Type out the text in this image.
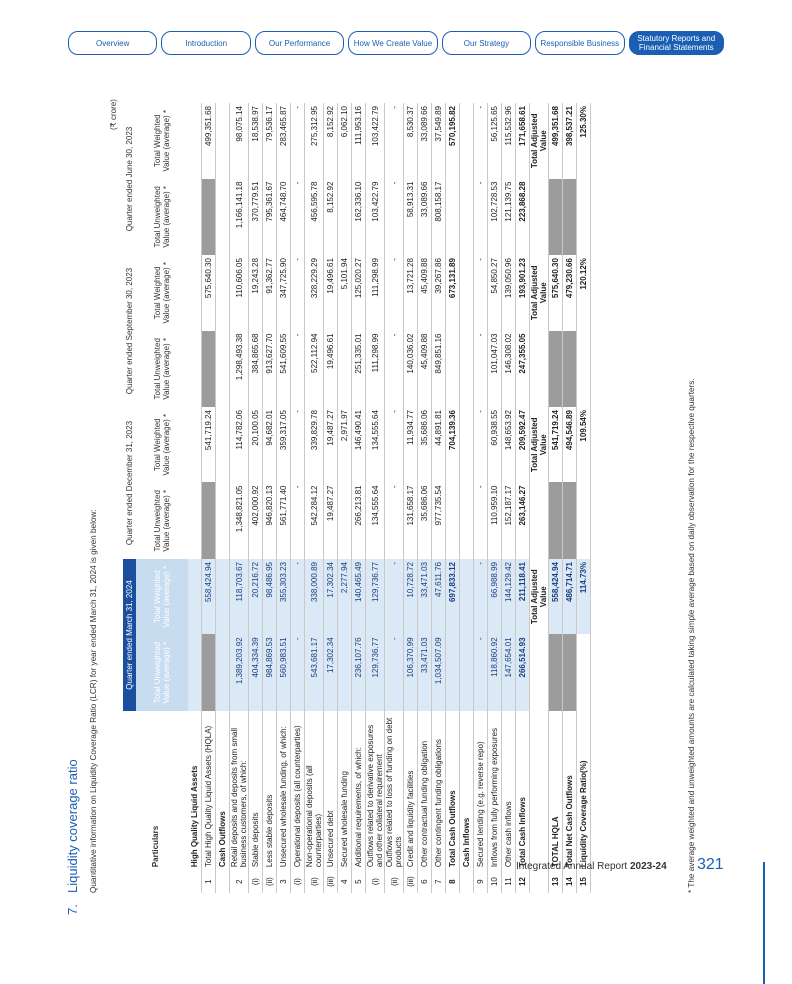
Overview	Introduction	Our Performance	How We Create Value	Our Strategy	Responsible Business	Statutory Reports and Financial Statements
7.Liquidity coverage ratio Quantitative information on Liquidity Coverage Ratio (LCR) for year ended March 31, 2024 is given below:
(₹ crore)
	Particulars	Quarter ended March 31, 2024		Quarter ended December 31, 2023		Quarter ended September 30, 2023		Quarter ended June 30, 2023	
		Total Unweighted Value (average) *	Total Weighted Value (average) *	Total Unweighted Value (average) *	Total Weighted Value (average) *	Total Unweighted Value (average) *	Total Weighted Value (average) *	Total Unweighted Value (average) *	Total Weighted Value (average) *
	High Quality Liquid Assets								
1	Total High Quality Liquid Assets (HQLA)		558,424.94		541,719.24		575,640.30		499,351.68
	Cash Outflows								
2	Retail deposits and deposits from small business customers, of which:	1,389,203.92	118,703.67	1,348,821.05	114,782.06	1,298,493.38	110,606.05	1,166,141.18	98,075.14
(i)	Stable deposits	404,334.39	20,216.72	402,000.92	20,100.05	384,865.68	19,243.28	370,779.51	18,538.97
(ii)	Less stable deposits	984,869.53	98,486.95	946,820.13	94,682.01	913,627.70	91,362.77	795,361.67	79,536.17
3	Unsecured wholesale funding, of which:	560,983.51	355,303.23	561,771.40	359,317.05	541,609.55	347,725.90	464,748.70	283,465.87
(i)	Operational deposits (all counterparties)	-	-	-	-	-	-	-	-
(ii)	Non-operational deposits (all counterparties)	543,681.17	338,000.89	542,284.12	339,829.78	522,112.94	328,229.29	456,595.78	275,312.95
(iii)	Unsecured debt	17,302.34	17,302.34	19,487.27	19,487.27	19,496.61	19,496.61	8,152.92	8,152.92
4	Secured wholesale funding		2,277.94		2,971.97		5,101.94		6,062.10
5	Additional requirements, of which:	236,107.76	140,465.49	266,213.81	146,490.41	251,335.01	125,020.27	162,336.10	111,953.16
(i)	Outflows related to derivative exposures and other collateral requirement	129,736.77	129,736.77	134,555.64	134,555.64	111,298.99	111,298.99	103,422.79	103,422.79
(ii)	Outflows related to loss of funding on debt products	-	-	-	-	-	-	-	-
(iii)	Credit and liquidity facilities	106,370.99	10,728.72	131,658.17	11,934.77	140,036.02	13,721.28	58,913.31	8,530.37
6	Other contractual funding obligation	33,471.03	33,471.03	35,686.06	35,686.06	45,409.88	45,409.88	33,089.66	33,089.66
7	Other contingent funding obligations	1,034,507.09	47,611.76	977,735.54	44,891.81	849,851.16	39,267.86	808,158.17	37,549.89
8	Total Cash Outflows		697,833.12		704,139.36		673,131.89		570,195.82
	Cash Inflows								
9	Secured lending (e.g. reverse repo)	-	-	-	-	-	-	-	-
10	Inflows from fully performing exposures	118,860.92	66,988.99	110,959.10	60,938.55	101,047.03	54,850.27	102,728.53	56,125.65
11	Other cash inflows	147,654.01	144,129.42	152,187.17	148,653.92	146,308.02	139,050.96	121,139.75	115,532.96
12	Total Cash Inflows	266,514.93	211,118.41	263,146.27	209,592.47	247,355.05	193,901.23	223,868.28	171,658.61
			Total Adjusted Value		Total Adjusted Value		Total Adjusted Value		Total Adjusted Value
13	TOTAL HQLA		558,424.94		541,719.24		575,640.30		499,351.68
14	Total Net Cash Outflows		486,714.71		494,546.89		479,230.66		398,537.21
15	Liquidity Coverage Ratio(%)		114.73%		109.54%		120.12%		125.30%
* The average weighted and unweighted amounts are calculated taking simple average based on daily observation for the respective quarters.
Integrated Annual Report 2023-24 321
